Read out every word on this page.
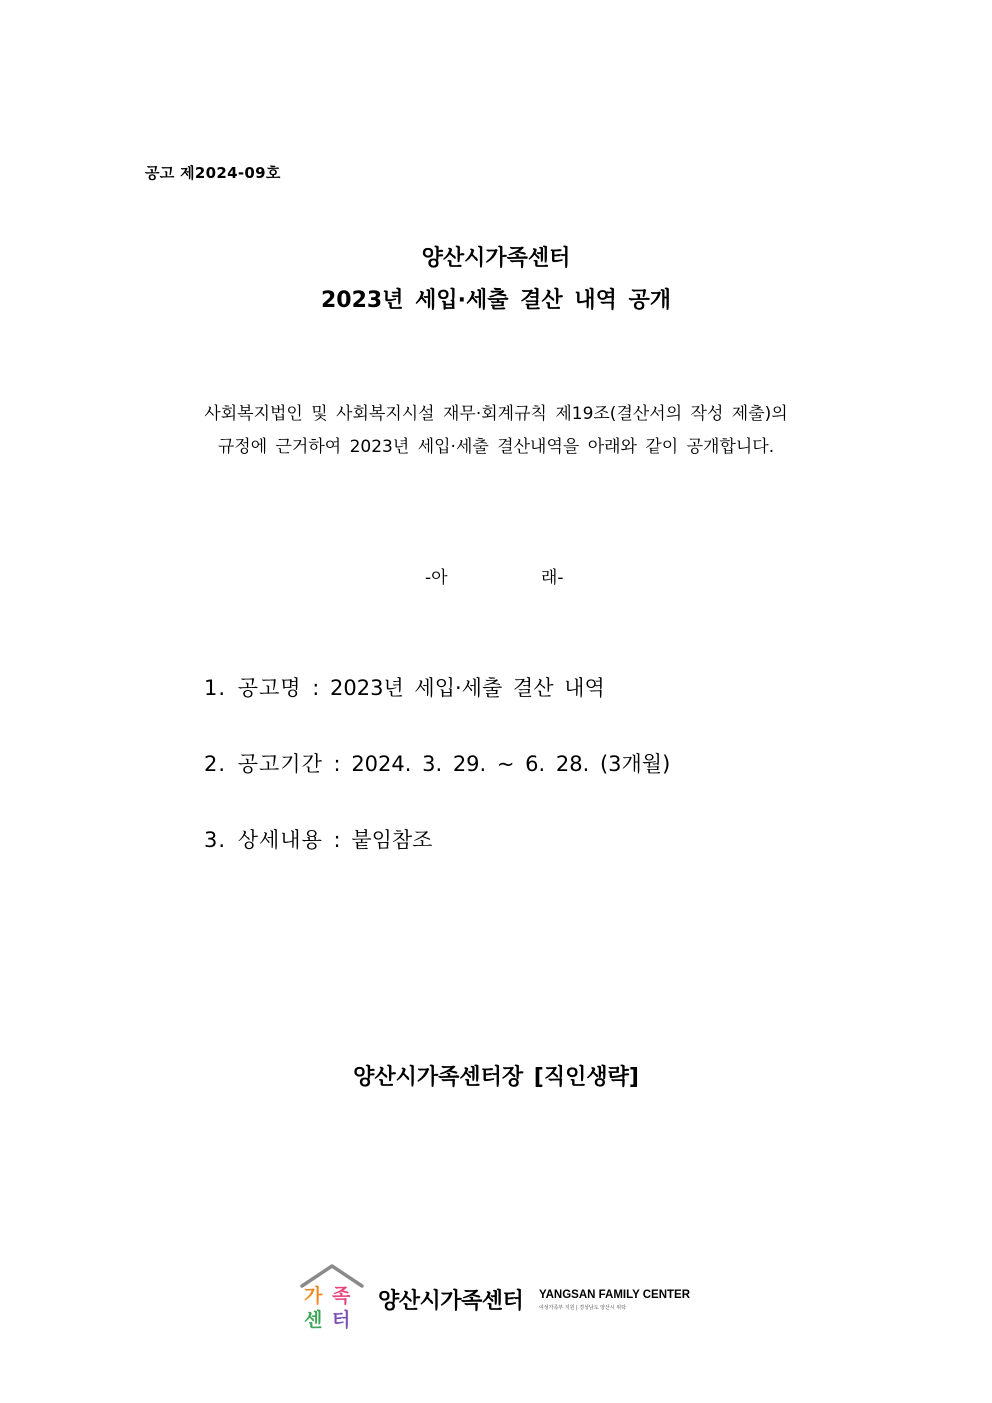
공고 제2024-09호
양산시가족센터
2023년 세입·세출 결산 내역 공개
사회복지법인 및 사회복지시설 재무·회계규칙 제19조(결산서의 작성 제출)의
규정에 근거하여 2023년 세입·세출 결산내역을 아래와 같이 공개합니다.
-아	래-
1. 공고명 : 2023년 세입·세출 결산 내역
2. 공고기간 : 2024. 3. 29. ~ 6. 28. (3개월)
3. 상세내용 : 붙임참조
양산시가족센터장 [직인생략]
가 족
센 터
양산시가족센터 YANGSAN FAMILY CENTER
여성가족부 지원 | 경상남도 양산시 위탁
